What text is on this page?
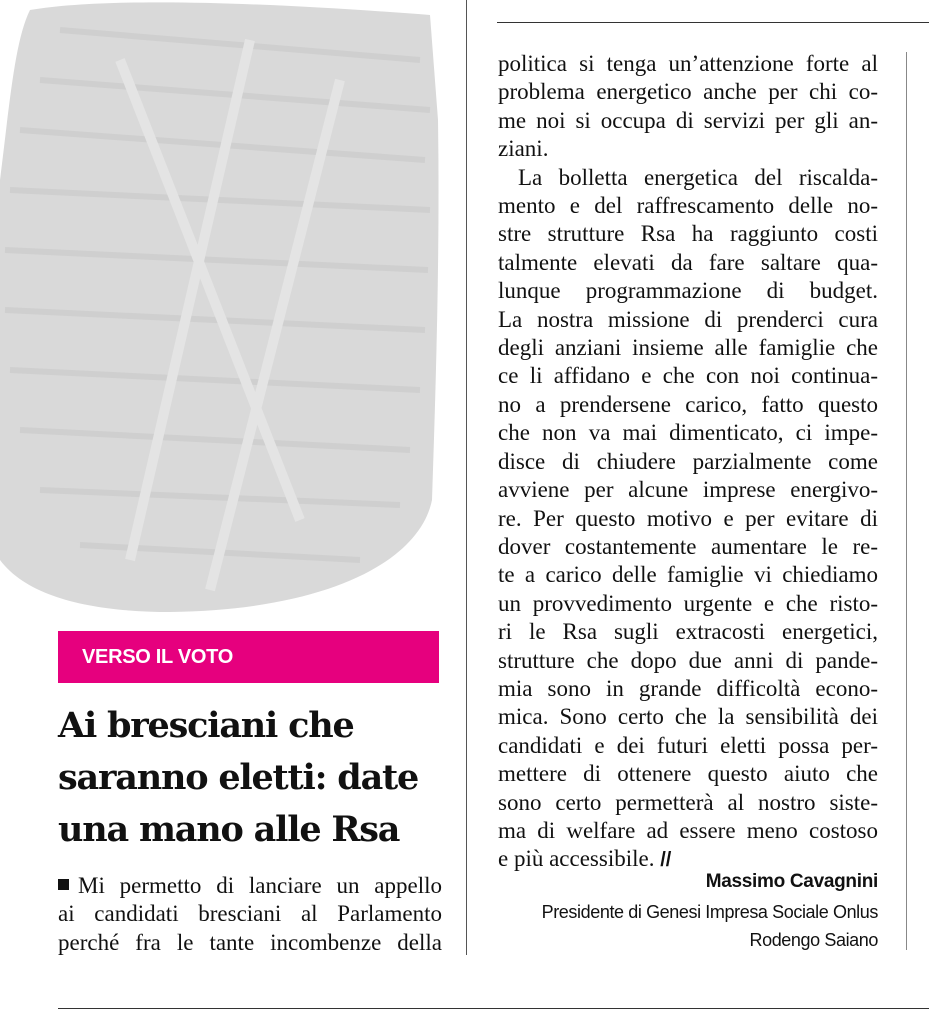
VERSO IL VOTO
Ai bresciani che
saranno eletti: date
una mano alle Rsa
Mi permetto di lanciare un appello
ai candidati bresciani al Parlamento
perché fra le tante incombenze della
politica si tenga un’attenzione forte al
problema energetico anche per chi co-
me noi si occupa di servizi per gli an-
ziani.
La bolletta energetica del riscalda-
mento e del raffrescamento delle no-
stre strutture Rsa ha raggiunto costi
talmente elevati da fare saltare qua-
lunque programmazione di budget.
La nostra missione di prenderci cura
degli anziani insieme alle famiglie che
ce li affidano e che con noi continua-
no a prendersene carico, fatto questo
che non va mai dimenticato, ci impe-
disce di chiudere parzialmente come
avviene per alcune imprese energivo-
re. Per questo motivo e per evitare di
dover costantemente aumentare le re-
te a carico delle famiglie vi chiediamo
un provvedimento urgente e che risto-
ri le Rsa sugli extracosti energetici,
strutture che dopo due anni di pande-
mia sono in grande difficoltà econo-
mica. Sono certo che la sensibilità dei
candidati e dei futuri eletti possa per-
mettere di ottenere questo aiuto che
sono certo permetterà al nostro siste-
ma di welfare ad essere meno costoso
e più accessibile. //
Massimo Cavagnini
Presidente di Genesi Impresa Sociale Onlus
Rodengo Saiano
